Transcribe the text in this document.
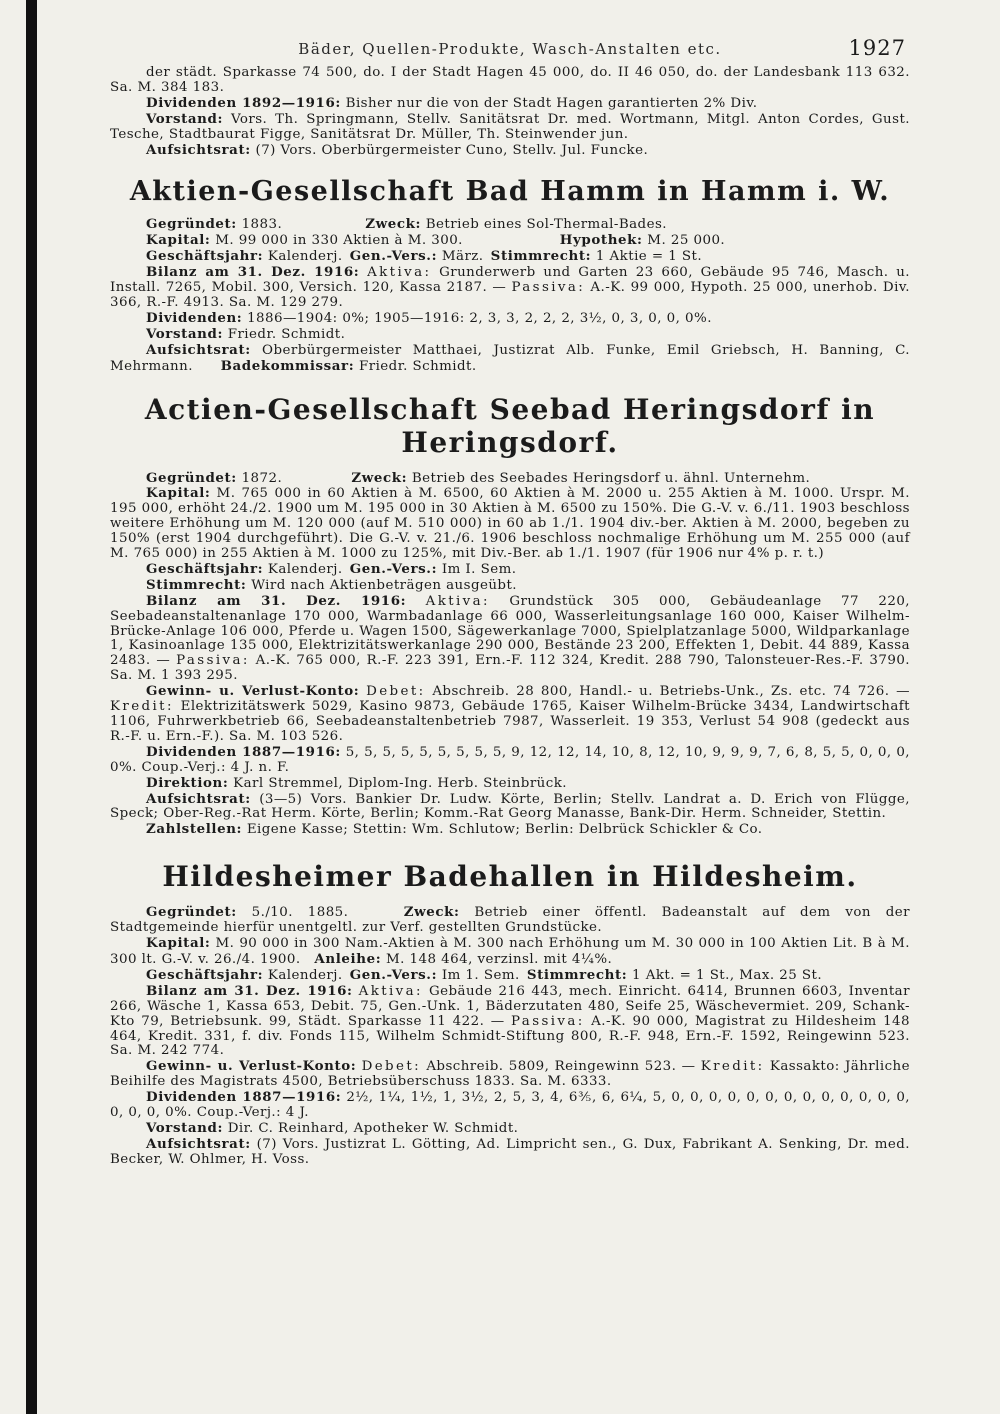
Bäder, Quellen-Produkte, Wasch-Anstalten etc.	1927

der städt. Sparkasse 74 500, do. I der Stadt Hagen 45 000, do. II 46 050, do. der Landesbank 113 632. Sa. M. 384 183.

Dividenden 1892—1916: Bisher nur die von der Stadt Hagen garantierten 2% Div.

Vorstand: Vors. Th. Springmann, Stellv. Sanitätsrat Dr. med. Wortmann, Mitgl. Anton Cordes, Gust. Tesche, Stadtbaurat Figge, Sanitätsrat Dr. Müller, Th. Steinwender jun.

Aufsichtsrat: (7) Vors. Oberbürgermeister Cuno, Stellv. Jul. Funcke.

Aktien-Gesellschaft Bad Hamm in Hamm i. W.

Gegründet: 1883.      	Zweck: Betrieb eines Sol-Thermal-Bades.

Kapital: M. 99 000 in 330 Aktien à M. 300.       	Hypothek: M. 25 000.

Geschäftsjahr: Kalenderj.  Gen.-Vers.: März.  Stimmrecht: 1 Aktie = 1 St.

Bilanz am 31. Dez. 1916: Aktiva: Grunderwerb und Garten 23 660, Gebäude 95 746, Masch. u. Install. 7265, Mobil. 300, Versich. 120, Kassa 2187. — Passiva: A.-K. 99 000, Hypoth. 25 000, unerhob. Div. 366, R.-F. 4913. Sa. M. 129 279.

Dividenden: 1886—1904: 0%; 1905—1916: 2, 3, 3, 2, 2, 2, 3½, 0, 3, 0, 0, 0%.

Vorstand: Friedr. Schmidt.

Aufsichtsrat: Oberbürgermeister Matthaei, Justizrat Alb. Funke, Emil Griebsch, H. Banning, C. Mehrmann.   Badekommissar: Friedr. Schmidt.

Actien-Gesellschaft Seebad Heringsdorf in Heringsdorf.

Gegründet: 1872.     	Zweck: Betrieb des Seebades Heringsdorf u. ähnl. Unternehm.

Kapital: M. 765 000 in 60 Aktien à M. 6500, 60 Aktien à M. 2000 u. 255 Aktien à M. 1000. Urspr. M. 195 000, erhöht 24./2. 1900 um M. 195 000 in 30 Aktien à M. 6500 zu 150%. Die G.-V. v. 6./11. 1903 beschloss weitere Erhöhung um M. 120 000 (auf M. 510 000) in 60 ab 1./1. 1904 div.-ber. Aktien à M. 2000, begeben zu 150% (erst 1904 durchgeführt). Die G.-V. v. 21./6. 1906 beschloss nochmalige Erhöhung um M. 255 000 (auf M. 765 000) in 255 Aktien à M. 1000 zu 125%, mit Div.-Ber. ab 1./1. 1907 (für 1906 nur 4% p. r. t.)

Geschäftsjahr: Kalenderj.  Gen.-Vers.: Im I. Sem.

Stimmrecht: Wird nach Aktienbeträgen ausgeübt.

Bilanz am 31. Dez. 1916: Aktiva: Grundstück 305 000, Gebäudeanlage 77 220, Seebadeanstaltenanlage 170 000, Warmbadanlage 66 000, Wasserleitungsanlage 160 000, Kaiser Wilhelm-Brücke-Anlage 106 000, Pferde u. Wagen 1500, Sägewerkanlage 7000, Spielplatzanlage 5000, Wildparkanlage 1, Kasinoanlage 135 000, Elektrizitätswerkanlage 290 000, Bestände 23 200, Effekten 1, Debit. 44 889, Kassa 2483. — Passiva: A.-K. 765 000, R.-F. 223 391, Ern.-F. 112 324, Kredit. 288 790, Talonsteuer-Res.-F. 3790. Sa. M. 1 393 295.

Gewinn- u. Verlust-Konto: Debet: Abschreib. 28 800, Handl.- u. Betriebs-Unk., Zs. etc. 74 726. — Kredit: Elektrizitätswerk 5029, Kasino 9873, Gebäude 1765, Kaiser Wilhelm-Brücke 3434, Landwirtschaft 1106, Fuhrwerkbetrieb 66, Seebadeanstaltenbetrieb 7987, Wasserleit. 19 353, Verlust 54 908 (gedeckt aus R.-F. u. Ern.-F.). Sa. M. 103 526.

Dividenden 1887—1916: 5, 5, 5, 5, 5, 5, 5, 5, 5, 9, 12, 12, 14, 10, 8, 12, 10, 9, 9, 9, 7, 6, 8, 5, 5, 0, 0, 0, 0%. Coup.-Verj.: 4 J. n. F.

Direktion: Karl Stremmel, Diplom-Ing. Herb. Steinbrück.

Aufsichtsrat: (3—5) Vors. Bankier Dr. Ludw. Körte, Berlin; Stellv. Landrat a. D. Erich von Flügge, Speck; Ober-Reg.-Rat Herm. Körte, Berlin; Komm.-Rat Georg Manasse, Bank-Dir. Herm. Schneider, Stettin.

Zahlstellen: Eigene Kasse; Stettin: Wm. Schlutow; Berlin: Delbrück Schickler & Co.

Hildesheimer Badehallen in Hildesheim.

Gegründet: 5./10. 1885.    	Zweck: Betrieb einer öffentl. Badeanstalt auf dem von der Stadtgemeinde hierfür unentgeltl. zur Verf. gestellten Grundstücke.

Kapital: M. 90 000 in 300 Nam.-Aktien à M. 300 nach Erhöhung um M. 30 000 in 100 Aktien Lit. B à M. 300 lt. G.-V. v. 26./4. 1900.  Anleihe: M. 148 464, verzinsl. mit 4¼%.

Geschäftsjahr: Kalenderj.  Gen.-Vers.: Im 1. Sem.  Stimmrecht: 1 Akt. = 1 St., Max. 25 St.

Bilanz am 31. Dez. 1916: Aktiva: Gebäude 216 443, mech. Einricht. 6414, Brunnen 6603, Inventar 266, Wäsche 1, Kassa 653, Debit. 75, Gen.-Unk. 1, Bäderzutaten 480, Seife 25, Wäschevermiet. 209, Schank-Kto 79, Betriebsunk. 99, Städt. Sparkasse 11 422. — Passiva: A.-K. 90 000, Magistrat zu Hildesheim 148 464, Kredit. 331, f. div. Fonds 115, Wilhelm Schmidt-Stiftung 800, R.-F. 948, Ern.-F. 1592, Reingewinn 523. Sa. M. 242 774.

Gewinn- u. Verlust-Konto: Debet: Abschreib. 5809, Reingewinn 523. — Kredit: Kassakto: Jährliche Beihilfe des Magistrats 4500, Betriebsüberschuss 1833. Sa. M. 6333.

Dividenden 1887—1916: 2½, 1¼, 1½, 1, 3½, 2, 5, 3, 4, 6⅗, 6, 6¼, 5, 0, 0, 0, 0, 0, 0, 0, 0, 0, 0, 0, 0, 0, 0, 0, 0, 0%. Coup.-Verj.: 4 J.

Vorstand: Dir. C. Reinhard, Apotheker W. Schmidt.

Aufsichtsrat: (7) Vors. Justizrat L. Götting, Ad. Limpricht sen., G. Dux, Fabrikant A. Senking, Dr. med. Becker, W. Ohlmer, H. Voss.
